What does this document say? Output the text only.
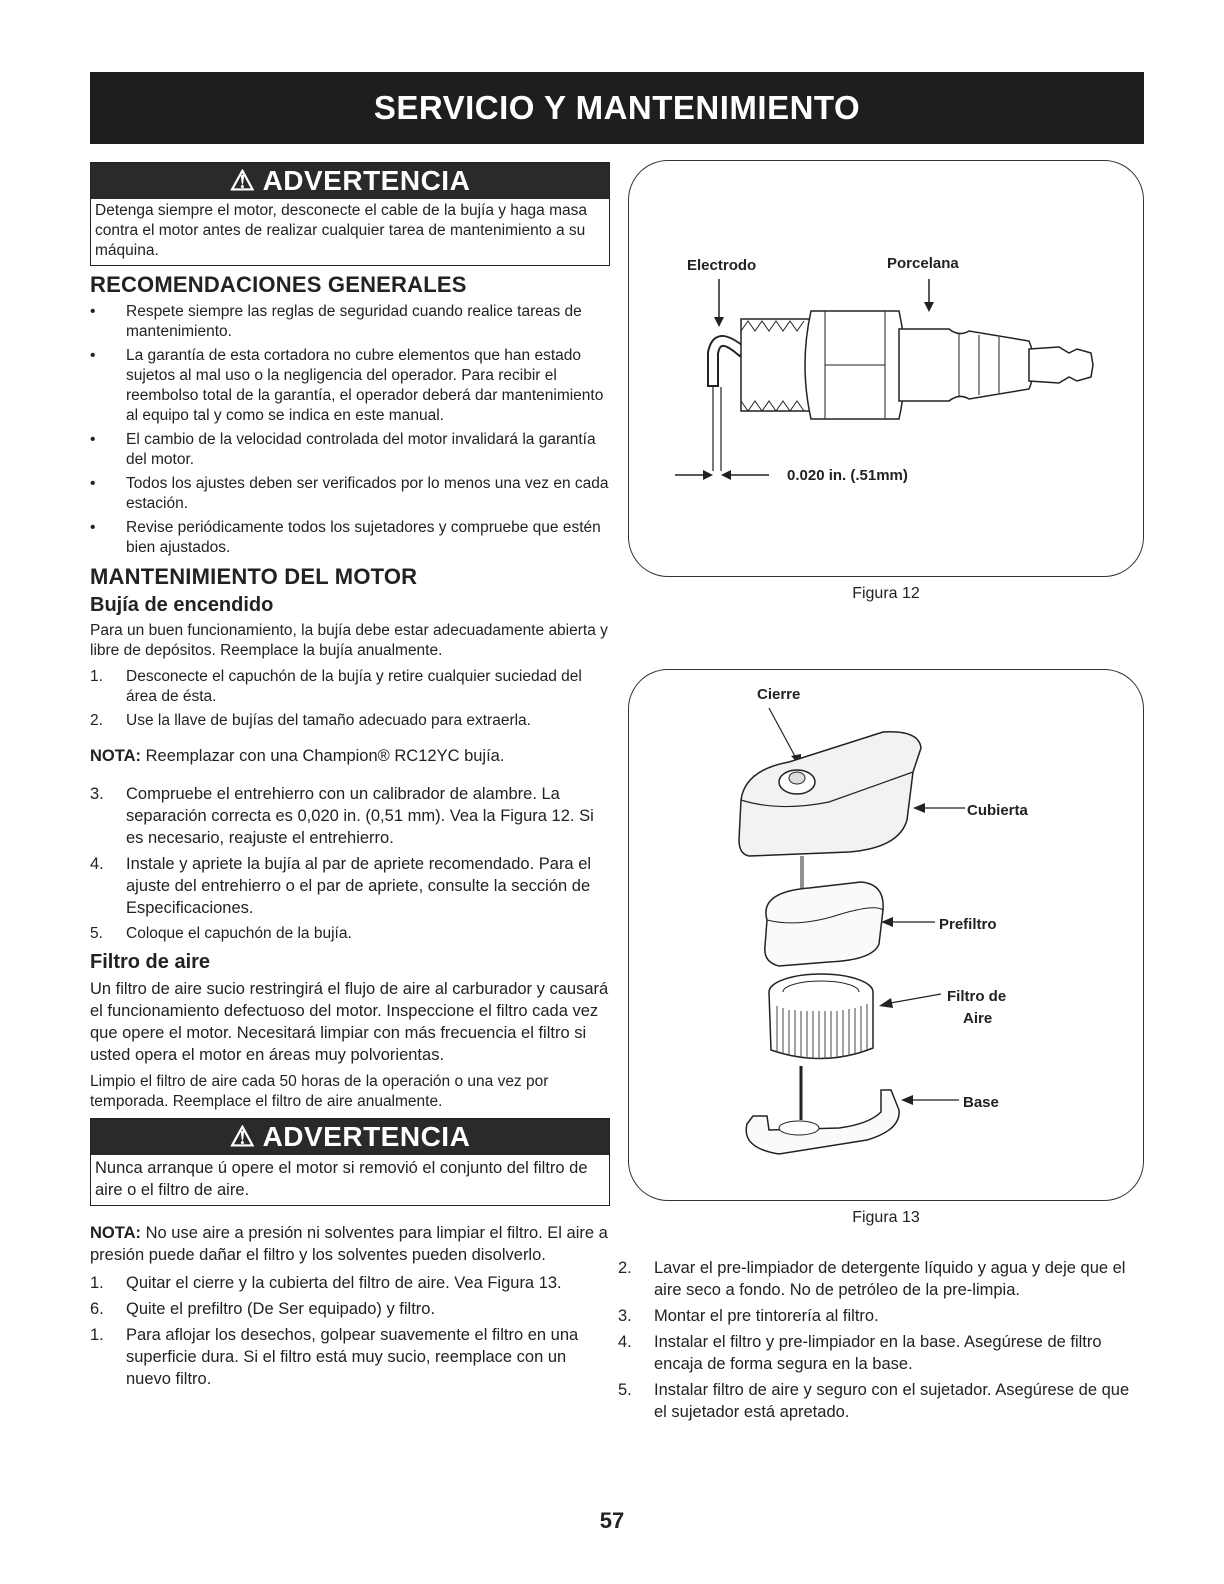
SERVICIO Y MANTENIMIENTO
⚠ ADVERTENCIA
Detenga siempre el motor, desconecte el cable de la bujía y haga masa contra el motor antes de realizar cualquier tarea de mantenimiento a su máquina.
RECOMENDACIONES GENERALES
•	Respete siempre las reglas de seguridad cuando realice tareas de mantenimiento.
•	La garantía de esta cortadora no cubre elementos que han estado sujetos al mal uso o la negligencia del operador. Para recibir el reembolso total de la garantía, el operador deberá dar mantenimiento al equipo tal y como se indica en este manual.
•	El cambio de la velocidad controlada del motor invalidará la garantía del motor.
•	Todos los ajustes deben ser verificados por lo menos una vez en cada estación.
•	Revise periódicamente todos los sujetadores y compruebe que estén bien ajustados.
MANTENIMIENTO DEL MOTOR
Bujía de encendido

Para un buen funcionamiento, la bujía debe estar adecuadamente abierta y libre de depósitos. Reemplace la bujía anualmente.

1.	Desconecte el capuchón de la bujía y retire cualquier suciedad del área de ésta.
2.	Use la llave de bujías del tamaño adecuado para extraerla.

NOTA: Reemplazar con una Champion® RC12YC bujía.

3.	Compruebe el entrehierro con un calibrador de alambre. La separación correcta es 0,020 in. (0,51 mm). Vea la Figura 12. Si es necesario, reajuste el entrehierro.
4.	Instale y apriete la bujía al par de apriete recomendado. Para el ajuste del entrehierro o el par de apriete, consulte la sección de Especificaciones.
5.	Coloque el capuchón de la bujía.
Filtro de aire

Un filtro de aire sucio restringirá el flujo de aire al carburador y causará el funcionamiento defectuoso del motor. Inspeccione el filtro cada vez que opere el motor. Necesitará limpiar con más frecuencia el filtro si usted opera el motor en áreas muy polvorientas.

Limpio el filtro de aire cada 50 horas de la operación o una vez por temporada. Reemplace el filtro de aire anualmente.

⚠ ADVERTENCIA
Nunca arranque ú opere el motor si removió el conjunto del filtro de aire o el filtro de aire.

NOTA: No use aire a presión ni solventes para limpiar el filtro. El aire a presión puede dañar el filtro y los solventes pueden disolverlo.

1.	Quitar el cierre y la cubierta del filtro de aire. Vea Figura 13.
6.	Quite el prefiltro (De Ser equipado) y filtro.
1.	Para aflojar los desechos, golpear suavemente el filtro en una superficie dura. Si el filtro está muy sucio, reemplace con un nuevo filtro.
Electrodo	Porcelana
0.020 in. (.51mm)
Figura 12
Cierre
Cubierta
Prefiltro
Filtro de
Aire
Base
Figura 13
2.	Lavar el pre-limpiador de detergente líquido y agua y deje que el aire seco a fondo. No de petróleo de la pre-limpia.
3.	Montar el pre tintorería al filtro.
4.	Instalar el filtro y pre-limpiador en la base. Asegúrese de filtro encaja de forma segura en la base.
5.	Instalar filtro de aire y seguro con el sujetador. Asegúrese de que el sujetador está apretado.
57
